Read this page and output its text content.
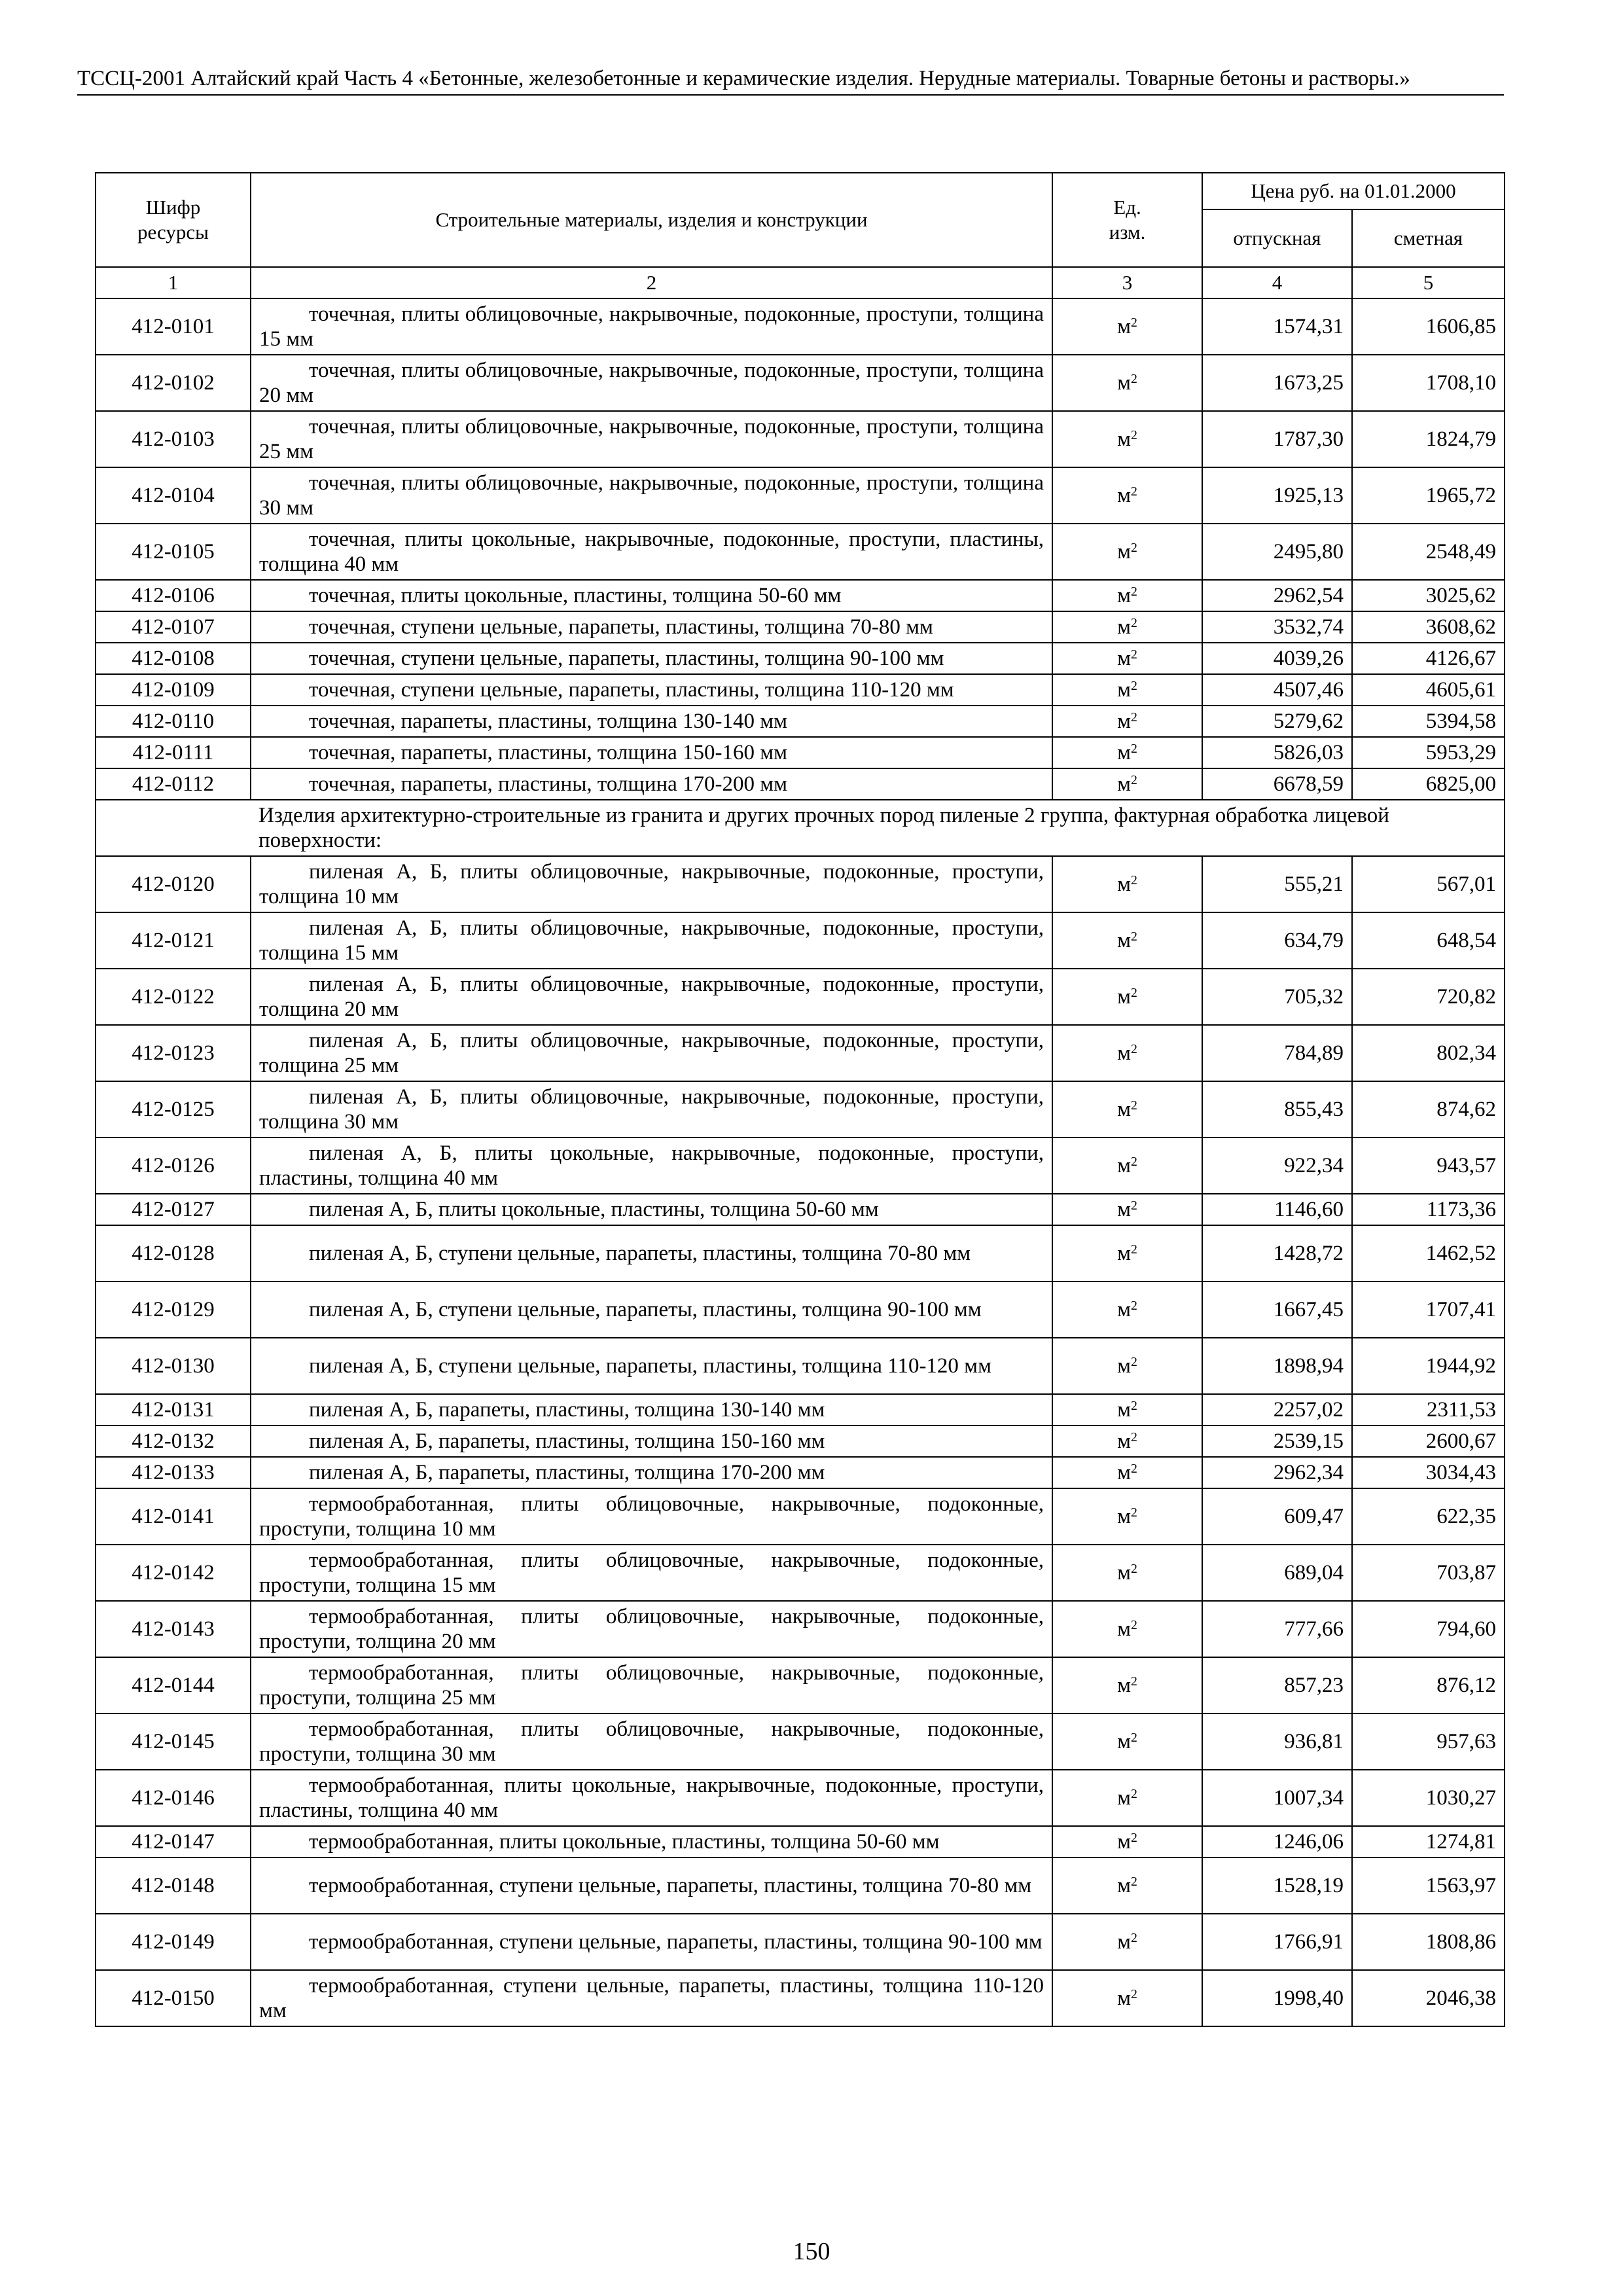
ТССЦ-2001 Алтайский край Часть 4 «Бетонные, железобетонные и керамические изделия. Нерудные материалы. Товарные бетоны и растворы.»
Шифр ресурсы	Строительные материалы, изделия и конструкции	Ед. изм.	Цена руб. на 01.01.2000	
			отпускная	сметная
1	2	3	4	5
412-0101	точечная, плиты облицовочные, накрывочные, подоконные, проступи, толщина 15 мм	$м^2$	1574,31	1606,85
412-0102	точечная, плиты облицовочные, накрывочные, подоконные, проступи, толщина 20 мм	$м^2$	1673,25	1708,10
412-0103	точечная, плиты облицовочные, накрывочные, подоконные, проступи, толщина 25 мм	$м^2$	1787,30	1824,79
412-0104	точечная, плиты облицовочные, накрывочные, подоконные, проступи, толщина 30 мм	$м^2$	1925,13	1965,72
412-0105	точечная, плиты цокольные, накрывочные, подоконные, проступи, пластины, толщина 40 мм	$м^2$	2495,80	2548,49
412-0106	точечная, плиты цокольные, пластины, толщина 50-60 мм	$м^2$	2962,54	3025,62
412-0107	точечная, ступени цельные, парапеты, пластины, толщина 70-80 мм	$м^2$	3532,74	3608,62
412-0108	точечная, ступени цельные, парапеты, пластины, толщина 90-100 мм	$м^2$	4039,26	4126,67
412-0109	точечная, ступени цельные, парапеты, пластины, толщина 110-120 мм	$м^2$	4507,46	4605,61
412-0110	точечная, парапеты, пластины, толщина 130-140 мм	$м^2$	5279,62	5394,58
412-0111	точечная, парапеты, пластины, толщина 150-160 мм	$м^2$	5826,03	5953,29
412-0112	точечная, парапеты, пластины, толщина 170-200 мм	$м^2$	6678,59	6825,00
	Изделия архитектурно-строительные из гранита и других прочных пород пиленые 2 группа, фактурная обработка лицевой поверхности:			
412-0120	пиленая А, Б, плиты облицовочные, накрывочные, подоконные, проступи, толщина 10 мм	$м^2$	555,21	567,01
412-0121	пиленая А, Б, плиты облицовочные, накрывочные, подоконные, проступи, толщина 15 мм	$м^2$	634,79	648,54
412-0122	пиленая А, Б, плиты облицовочные, накрывочные, подоконные, проступи, толщина 20 мм	$м^2$	705,32	720,82
412-0123	пиленая А, Б, плиты облицовочные, накрывочные, подоконные, проступи, толщина 25 мм	$м^2$	784,89	802,34
412-0125	пиленая А, Б, плиты облицовочные, накрывочные, подоконные, проступи, толщина 30 мм	$м^2$	855,43	874,62
412-0126	пиленая А, Б, плиты цокольные, накрывочные, подоконные, проступи, пластины, толщина 40 мм	$м^2$	922,34	943,57
412-0127	пиленая А, Б, плиты цокольные, пластины, толщина 50-60 мм	$м^2$	1146,60	1173,36
412-0128	пиленая А, Б, ступени цельные, парапеты, пластины, толщина 70-80 мм	$м^2$	1428,72	1462,52
412-0129	пиленая А, Б, ступени цельные, парапеты, пластины, толщина 90-100 мм	$м^2$	1667,45	1707,41
412-0130	пиленая А, Б, ступени цельные, парапеты, пластины, толщина 110-120 мм	$м^2$	1898,94	1944,92
412-0131	пиленая А, Б, парапеты, пластины, толщина 130-140 мм	$м^2$	2257,02	2311,53
412-0132	пиленая А, Б, парапеты, пластины, толщина 150-160 мм	$м^2$	2539,15	2600,67
412-0133	пиленая А, Б, парапеты, пластины, толщина 170-200 мм	$м^2$	2962,34	3034,43
412-0141	термообработанная, плиты облицовочные, накрывочные, подоконные, проступи, толщина 10 мм	$м^2$	609,47	622,35
412-0142	термообработанная, плиты облицовочные, накрывочные, подоконные, проступи, толщина 15 мм	$м^2$	689,04	703,87
412-0143	термообработанная, плиты облицовочные, накрывочные, подоконные, проступи, толщина 20 мм	$м^2$	777,66	794,60
412-0144	термообработанная, плиты облицовочные, накрывочные, подоконные, проступи, толщина 25 мм	$м^2$	857,23	876,12
412-0145	термообработанная, плиты облицовочные, накрывочные, подоконные, проступи, толщина 30 мм	$м^2$	936,81	957,63
412-0146	термообработанная, плиты цокольные, накрывочные, подоконные, проступи, пластины, толщина 40 мм	$м^2$	1007,34	1030,27
412-0147	термообработанная, плиты цокольные, пластины, толщина 50-60 мм	$м^2$	1246,06	1274,81
412-0148	термообработанная, ступени цельные, парапеты, пластины, толщина 70-80 мм	$м^2$	1528,19	1563,97
412-0149	термообработанная, ступени цельные, парапеты, пластины, толщина 90-100 мм	$м^2$	1766,91	1808,86
412-0150	термообработанная, ступени цельные, парапеты, пластины, толщина 110-120 мм	$м^2$	1998,40	2046,38
150
